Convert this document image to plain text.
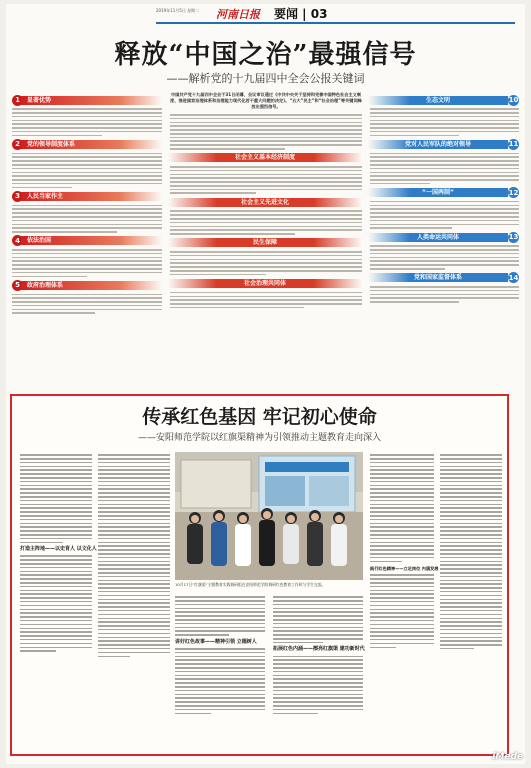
2019年11月5日 星期二 河南日报 要闻 | 03
释放“中国之治”最强信号
——解析党的十九届四中全会公报关键词
1	显著优势
2	党的领导制度体系
3	人民当家作主
4	依法治国
5	政府治理体系
中国共产党十九届四中全会于31日闭幕，会议审议通过《中共中央关于坚持和完善中国特色社会主义制度、推进国家治理体系和治理能力现代化若干重大问题的决定》。“五大”民主”和“社会治理”等关键词释放出强烈信号。
社会主义基本经济制度
社会主义先进文化
民生保障
社会治理共同体
生态文明	10
党对人民军队的绝对领导	11
“一国两制”	12
人类命运共同体	13
党和国家监督体系	14
传承红色基因 牢记初心使命
——安阳师范学院以红旗渠精神为引领推动主题教育走向深入
打造主阵地——以史育人 以文化人
10月17日“红旗渠”主题教育实践调研组在安阳师范学院调研红色教育工作时与学生交流。
讲好红色故事——精神引领 立德树人
拓展红色内涵——擦亮红旗渠 建功新时代
践行红色精神——立足岗位 内涵发展
iMede
